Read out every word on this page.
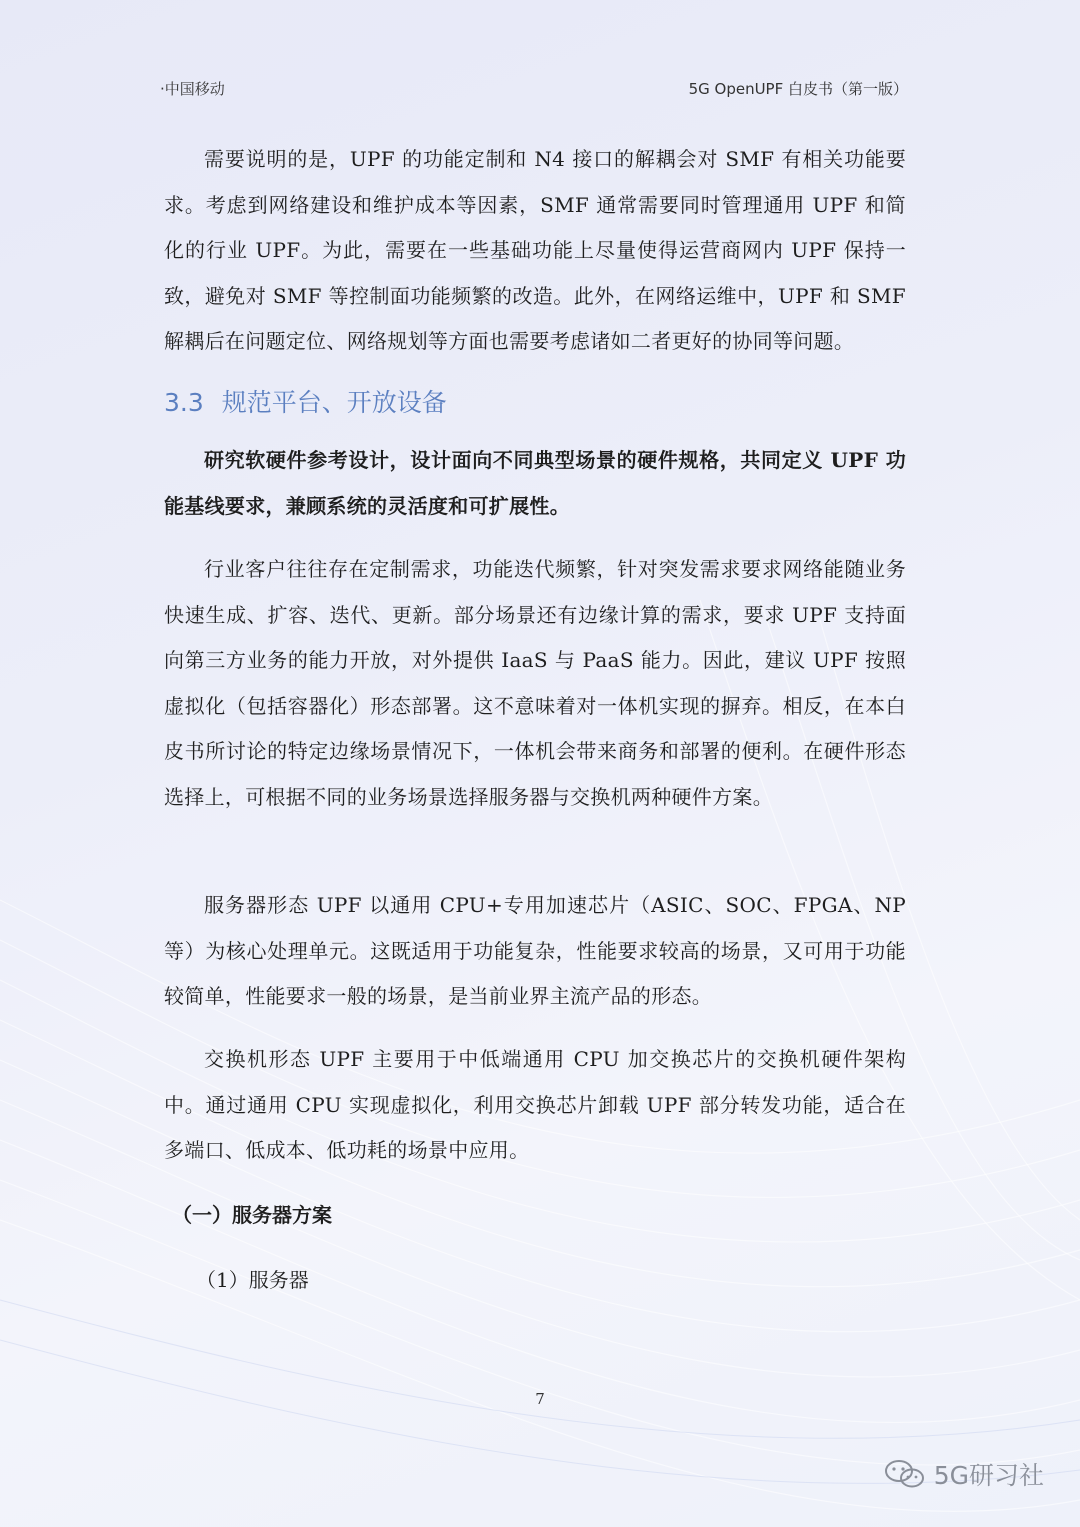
·中国移动	5G OpenUPF 白皮书（第一版）

需要说明的是，UPF 的功能定制和 N4 接口的解耦会对 SMF 有相关功能要求。考虑到网络建设和维护成本等因素，SMF 通常需要同时管理通用 UPF 和简化的行业 UPF。为此，需要在一些基础功能上尽量使得运营商网内 UPF 保持一致，避免对 SMF 等控制面功能频繁的改造。此外，在网络运维中，UPF 和 SMF 解耦后在问题定位、网络规划等方面也需要考虑诸如二者更好的协同等问题。

3.3 规范平台、开放设备

研究软硬件参考设计，设计面向不同典型场景的硬件规格，共同定义 UPF 功能基线要求，兼顾系统的灵活度和可扩展性。

行业客户往往存在定制需求，功能迭代频繁，针对突发需求要求网络能随业务快速生成、扩容、迭代、更新。部分场景还有边缘计算的需求，要求 UPF 支持面向第三方业务的能力开放，对外提供 IaaS 与 PaaS 能力。因此，建议 UPF 按照虚拟化（包括容器化）形态部署。这不意味着对一体机实现的摒弃。相反，在本白皮书所讨论的特定边缘场景情况下，一体机会带来商务和部署的便利。在硬件形态选择上，可根据不同的业务场景选择服务器与交换机两种硬件方案。

服务器形态 UPF 以通用 CPU+专用加速芯片（ASIC、SOC、FPGA、NP 等）为核心处理单元。这既适用于功能复杂，性能要求较高的场景，又可用于功能较简单，性能要求一般的场景，是当前业界主流产品的形态。

交换机形态 UPF 主要用于中低端通用 CPU 加交换芯片的交换机硬件架构中。通过通用 CPU 实现虚拟化，利用交换芯片卸载 UPF 部分转发功能，适合在多端口、低成本、低功耗的场景中应用。

（一）服务器方案
（1）服务器
7
5G研习社
